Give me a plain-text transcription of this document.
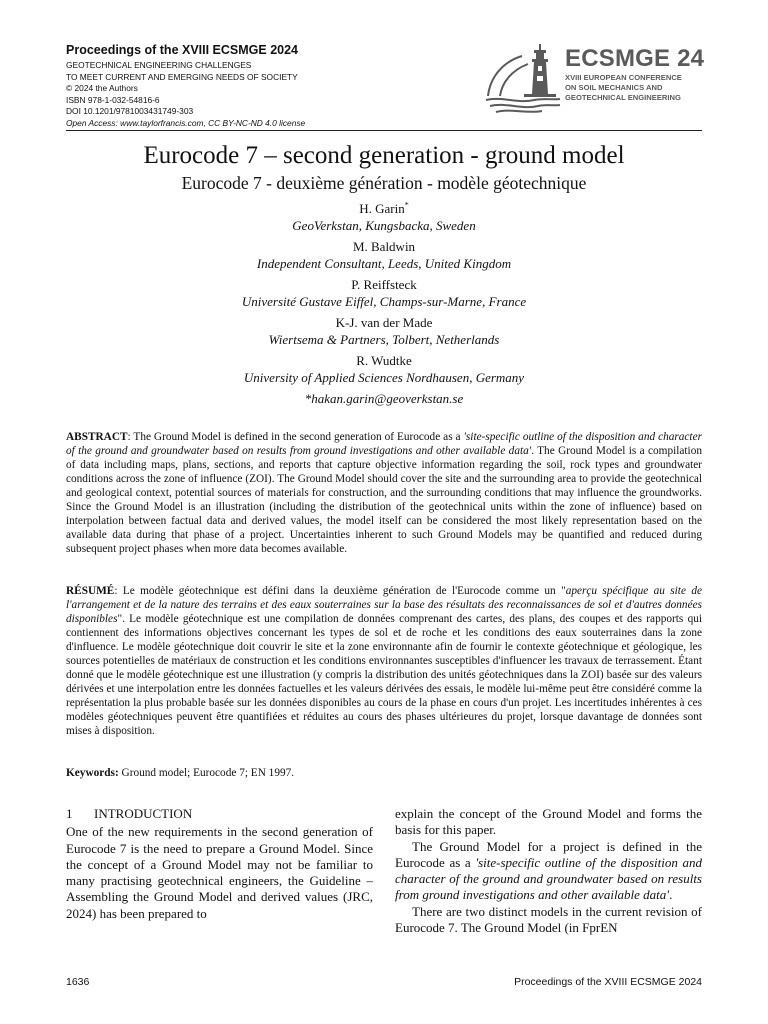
Proceedings of the XVIII ECSMGE 2024
GEOTECHNICAL ENGINEERING CHALLENGES
TO MEET CURRENT AND EMERGING NEEDS OF SOCIETY
© 2024 the Authors
ISBN 978-1-032-54816-6
DOI 10.1201/9781003431749-303
Open Access: www.taylorfrancis.com, CC BY-NC-ND 4.0 license
ECSMGE 24
XVIII EUROPEAN CONFERENCE
ON SOIL MECHANICS AND
GEOTECHNICAL ENGINEERING
Eurocode 7 – second generation - ground model
Eurocode 7 - deuxième génération - modèle géotechnique
H. Garin*
GeoVerkstan, Kungsbacka, Sweden
M. Baldwin
Independent Consultant, Leeds, United Kingdom
P. Reiffsteck
Université Gustave Eiffel, Champs-sur-Marne, France
K-J. van der Made
Wiertsema & Partners, Tolbert, Netherlands
R. Wudtke
University of Applied Sciences Nordhausen, Germany
*hakan.garin@geoverkstan.se
ABSTRACT: The Ground Model is defined in the second generation of Eurocode as a 'site-specific outline of the disposition and character of the ground and groundwater based on results from ground investigations and other available data'. The Ground Model is a compilation of data including maps, plans, sections, and reports that capture objective information regarding the soil, rock types and groundwater conditions across the zone of influence (ZOI). The Ground Model should cover the site and the surrounding area to provide the geotechnical and geological context, potential sources of materials for construction, and the surrounding conditions that may influence the groundworks. Since the Ground Model is an illustration (including the distribution of the geotechnical units within the zone of influence) based on interpolation between factual data and derived values, the model itself can be considered the most likely representation based on the available data during that phase of a project. Uncertainties inherent to such Ground Models may be quantified and reduced during subsequent project phases when more data becomes available.
RÉSUMÉ: Le modèle géotechnique est défini dans la deuxième génération de l'Eurocode comme un "aperçu spécifique au site de l'arrangement et de la nature des terrains et des eaux souterraines sur la base des résultats des reconnaissances de sol et d'autres données disponibles". Le modèle géotechnique est une compilation de données comprenant des cartes, des plans, des coupes et des rapports qui contiennent des informations objectives concernant les types de sol et de roche et les conditions des eaux souterraines dans la zone d'influence. Le modèle géotechnique doit couvrir le site et la zone environnante afin de fournir le contexte géotechnique et géologique, les sources potentielles de matériaux de construction et les conditions environnantes susceptibles d'influencer les travaux de terrassement. Étant donné que le modèle géotechnique est une illustration (y compris la distribution des unités géotechniques dans la ZOI) basée sur des valeurs dérivées et une interpolation entre les données factuelles et les valeurs dérivées des essais, le modèle lui-même peut être considéré comme la représentation la plus probable basée sur les données disponibles au cours de la phase en cours d'un projet. Les incertitudes inhérentes à ces modèles géotechniques peuvent être quantifiées et réduites au cours des phases ultérieures du projet, lorsque davantage de données sont mises à disposition.
Keywords: Ground model; Eurocode 7; EN 1997.
1 INTRODUCTION

One of the new requirements in the second generation of Eurocode 7 is the need to prepare a Ground Model. Since the concept of a Ground Model may not be familiar to many practising geotechnical engineers, the Guideline – Assembling the Ground Model and derived values (JRC, 2024) has been prepared to

explain the concept of the Ground Model and forms the basis for this paper.

The Ground Model for a project is defined in the Eurocode as a 'site-specific outline of the disposition and character of the ground and groundwater based on results from ground investigations and other available data'.

There are two distinct models in the current revision of Eurocode 7. The Ground Model (in FprEN

1636	Proceedings of the XVIII ECSMGE 2024
